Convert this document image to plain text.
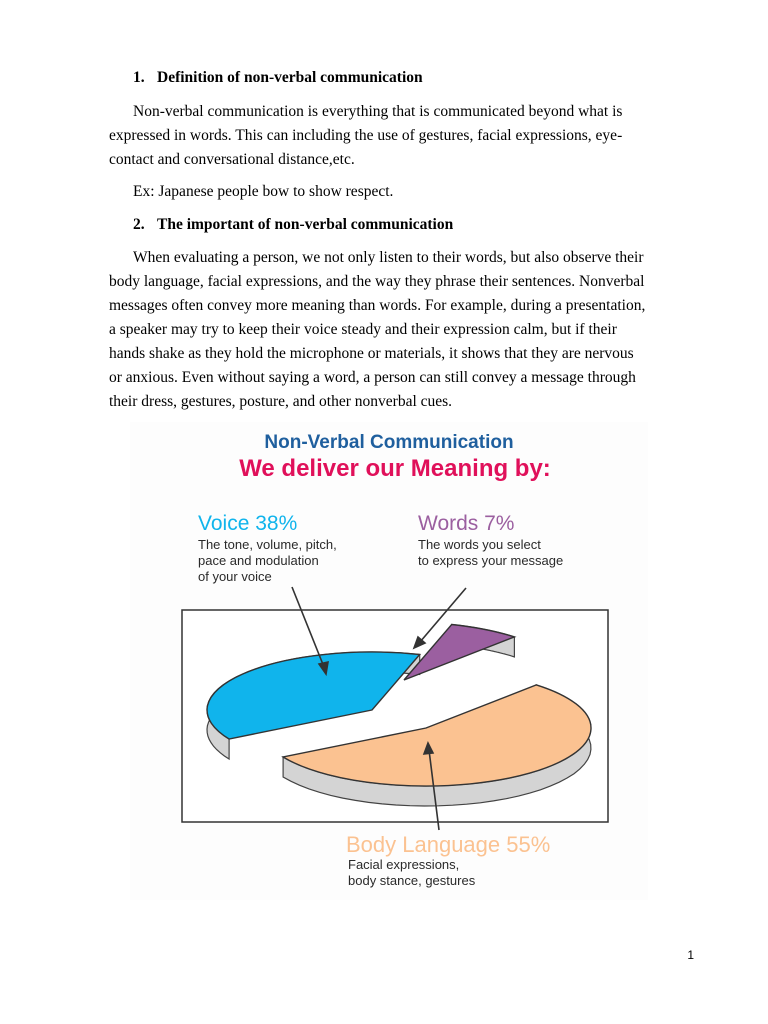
1. Definition of non-verbal communication
Non-verbal communication is everything that is communicated beyond what is
expressed in words. This can including the use of gestures, facial expressions, eye-
contact and conversational distance,etc.
Ex: Japanese people bow to show respect.
2. The important of non-verbal communication
When evaluating a person, we not only listen to their words, but also observe their
body language, facial expressions, and the way they phrase their sentences. Nonverbal
messages often convey more meaning than words. For example, during a presentation,
a speaker may try to keep their voice steady and their expression calm, but if their
hands shake as they hold the microphone or materials, it shows that they are nervous
or anxious. Even without saying a word, a person can still convey a message through
their dress, gestures, posture, and other nonverbal cues.
Non-Verbal Communication
We deliver our Meaning by:
Voice 38%
The tone, volume, pitch,
pace and modulation
of your voice
Words 7%
The words you select
to express your message
Body Language 55%
Facial expressions,
body stance, gestures
1
